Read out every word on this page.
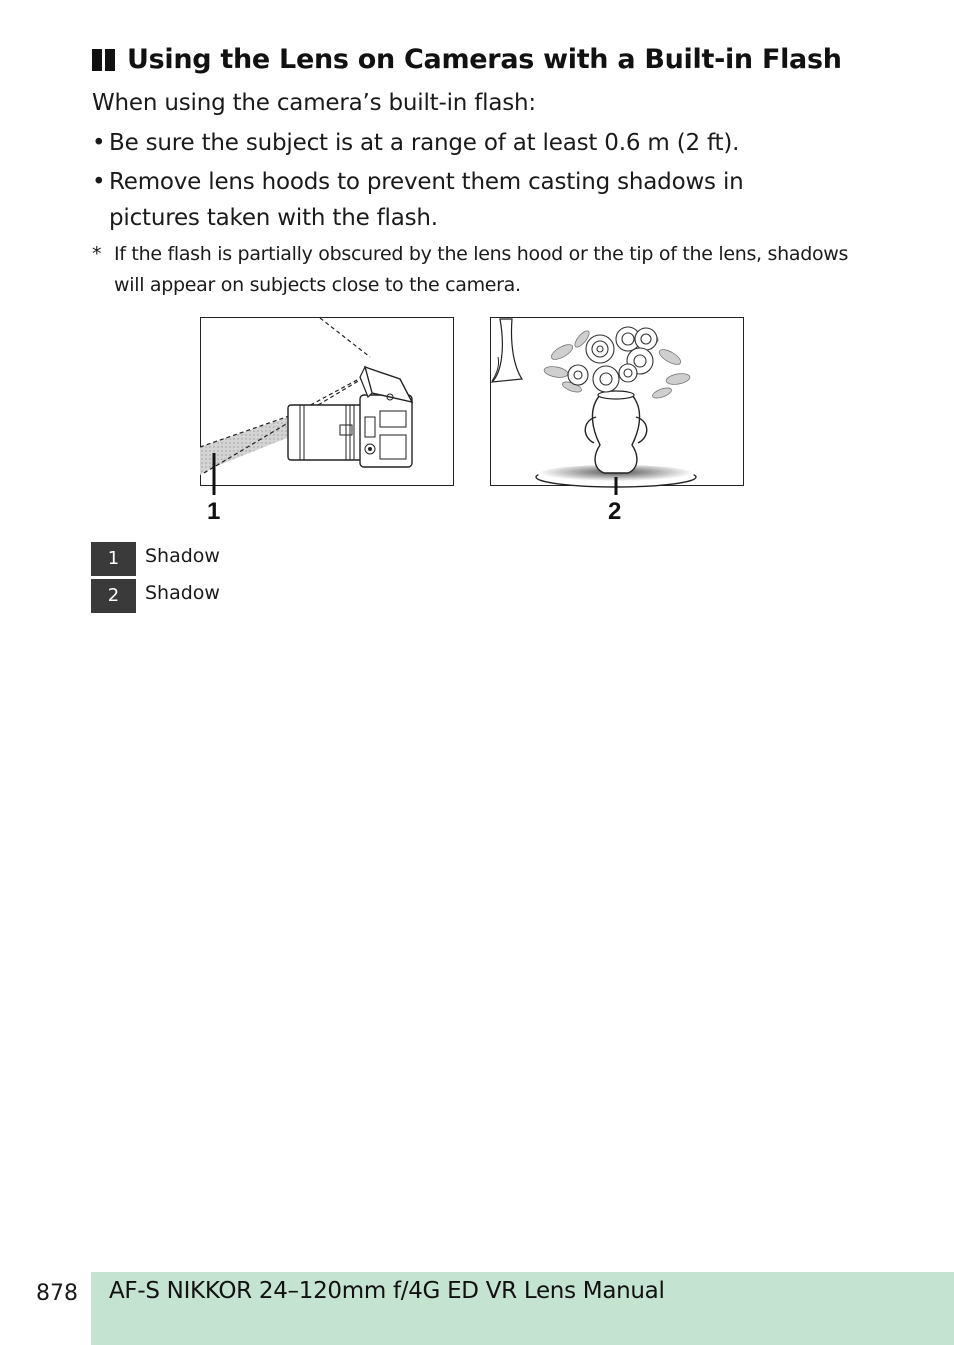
Using the Lens on Cameras with a Built-in Flash
When using the camera’s built-in flash:
• Be sure the subject is at a range of at least 0.6 m (2 ft).
• Remove lens hoods to prevent them casting shadows in pictures taken with the flash.
* If the flash is partially obscured by the lens hood or the tip of the lens, shadows will appear on subjects close to the camera.
1	2
1	Shadow
2	Shadow
878 AF-S NIKKOR 24–120mm f/4G ED VR Lens Manual
